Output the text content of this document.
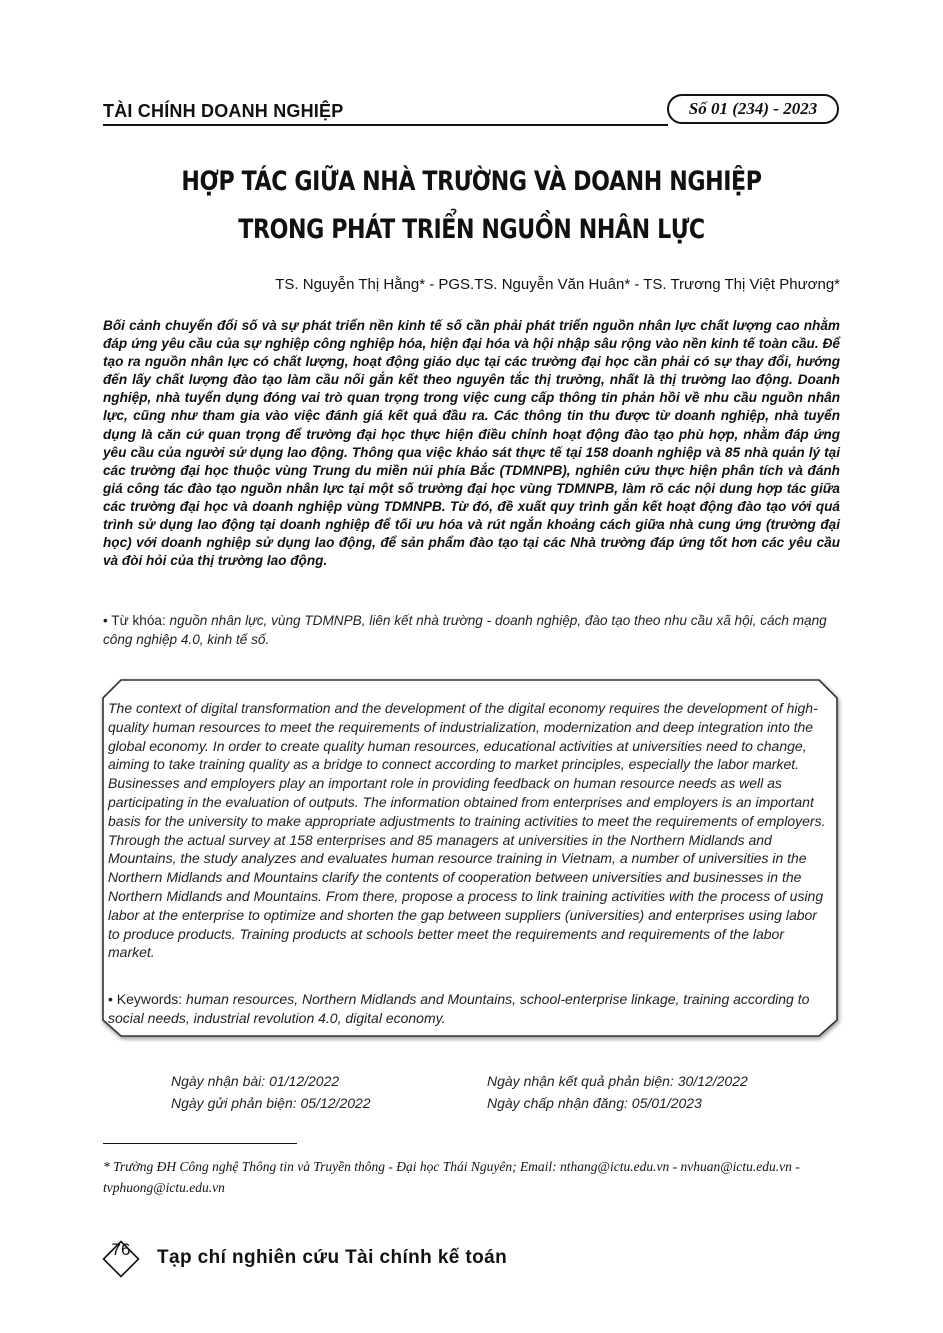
TÀI CHÍNH DOANH NGHIỆP	Số 01 (234) - 2023
HỢP TÁC GIỮA NHÀ TRƯỜNG VÀ DOANH NGHIỆP
TRONG PHÁT TRIỂN NGUỒN NHÂN LỰC
TS. Nguyễn Thị Hằng* - PGS.TS. Nguyễn Văn Huân* - TS. Trương Thị Việt Phương*

Bối cảnh chuyển đổi số và sự phát triển nền kinh tế số cần phải phát triển nguồn nhân lực chất lượng cao nhằm đáp ứng yêu cầu của sự nghiệp công nghiệp hóa, hiện đại hóa và hội nhập sâu rộng vào nền kinh tế toàn cầu. Để tạo ra nguồn nhân lực có chất lượng, hoạt động giáo dục tại các trường đại học cần phải có sự thay đổi, hướng đến lấy chất lượng đào tạo làm cầu nối gắn kết theo nguyên tắc thị trường, nhất là thị trường lao động. Doanh nghiệp, nhà tuyển dụng đóng vai trò quan trọng trong việc cung cấp thông tin phản hồi về nhu cầu nguồn nhân lực, cũng như tham gia vào việc đánh giá kết quả đầu ra. Các thông tin thu được từ doanh nghiệp, nhà tuyển dụng là căn cứ quan trọng để trường đại học thực hiện điều chỉnh hoạt động đào tạo phù hợp, nhằm đáp ứng yêu cầu của người sử dụng lao động. Thông qua việc khảo sát thực tế tại 158 doanh nghiệp và 85 nhà quản lý tại các trường đại học thuộc vùng Trung du miền núi phía Bắc (TDMNPB), nghiên cứu thực hiện phân tích và đánh giá công tác đào tạo nguồn nhân lực tại một số trường đại học vùng TDMNPB, làm rõ các nội dung hợp tác giữa các trường đại học và doanh nghiệp vùng TDMNPB. Từ đó, đề xuất quy trình gắn kết hoạt động đào tạo với quá trình sử dụng lao động tại doanh nghiệp để tối ưu hóa và rút ngắn khoảng cách giữa nhà cung ứng (trường đại học) với doanh nghiệp sử dụng lao động, để sản phẩm đào tạo tại các Nhà trường đáp ứng tốt hơn các yêu cầu và đòi hỏi của thị trường lao động.

• Từ khóa: nguồn nhân lực, vùng TDMNPB, liên kết nhà trường - doanh nghiệp, đào tạo theo nhu cầu xã hội, cách mạng công nghiệp 4.0, kinh tế số.

The context of digital transformation and the development of the digital economy requires the development of high-quality human resources to meet the requirements of industrialization, modernization and deep integration into the global economy. In order to create quality human resources, educational activities at universities need to change, aiming to take training quality as a bridge to connect according to market principles, especially the labor market. Businesses and employers play an important role in providing feedback on human resource needs as well as participating in the evaluation of outputs. The information obtained from enterprises and employers is an important basis for the university to make appropriate adjustments to training activities to meet the requirements of employers. Through the actual survey at 158 enterprises and 85 managers at universities in the Northern Midlands and Mountains, the study analyzes and evaluates human resource training in Vietnam, a number of universities in the Northern Midlands and Mountains clarify the contents of cooperation between universities and businesses in the Northern Midlands and Mountains. From there, propose a process to link training activities with the process of using labor at the enterprise to optimize and shorten the gap between suppliers (universities) and enterprises using labor to produce products. Training products at schools better meet the requirements and requirements of the labor market.

• Keywords: human resources, Northern Midlands and Mountains, school-enterprise linkage, training according to social needs, industrial revolution 4.0, digital economy.

Ngày nhận bài: 01/12/2022	Ngày nhận kết quả phản biện: 30/12/2022
Ngày gửi phản biện: 05/12/2022	Ngày chấp nhận đăng: 05/01/2023

* Trường ĐH Công nghệ Thông tin và Truyền thông - Đại học Thái Nguyên; Email: nthang@ictu.edu.vn - nvhuan@ictu.edu.vn - tvphuong@ictu.edu.vn

76	Tạp chí nghiên cứu Tài chính kế toán
